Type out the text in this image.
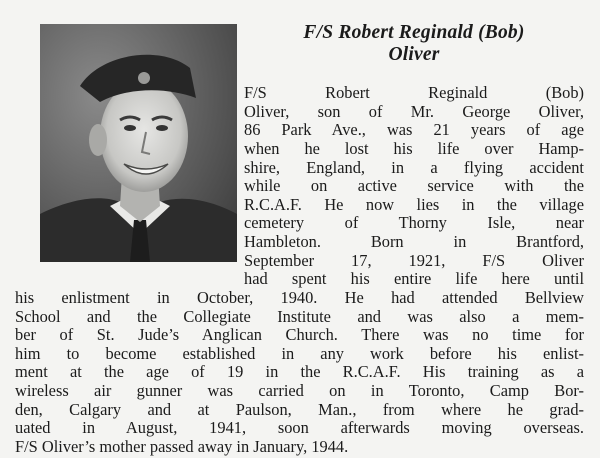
F/S Robert Reginald (Bob)
Oliver
F/S Robert Reginald (Bob)
Oliver, son of Mr. George Oliver,
86 Park Ave., was 21 years of age
when he lost his life over Hamp-
shire, England, in a flying accident
while on active service with the
R.C.A.F. He now lies in the village
cemetery of Thorny Isle, near
Hambleton. Born in Brantford,
September 17, 1921, F/S Oliver
had spent his entire life here until
his enlistment in October, 1940. He had attended Bellview
School and the Collegiate Institute and was also a mem-
ber of St. Jude’s Anglican Church. There was no time for
him to become established in any work before his enlist-
ment at the age of 19 in the R.C.A.F. His training as a
wireless air gunner was carried on in Toronto, Camp Bor-
den, Calgary and at Paulson, Man., from where he grad-
uated in August, 1941, soon afterwards moving overseas.
F/S Oliver’s mother passed away in January, 1944.
